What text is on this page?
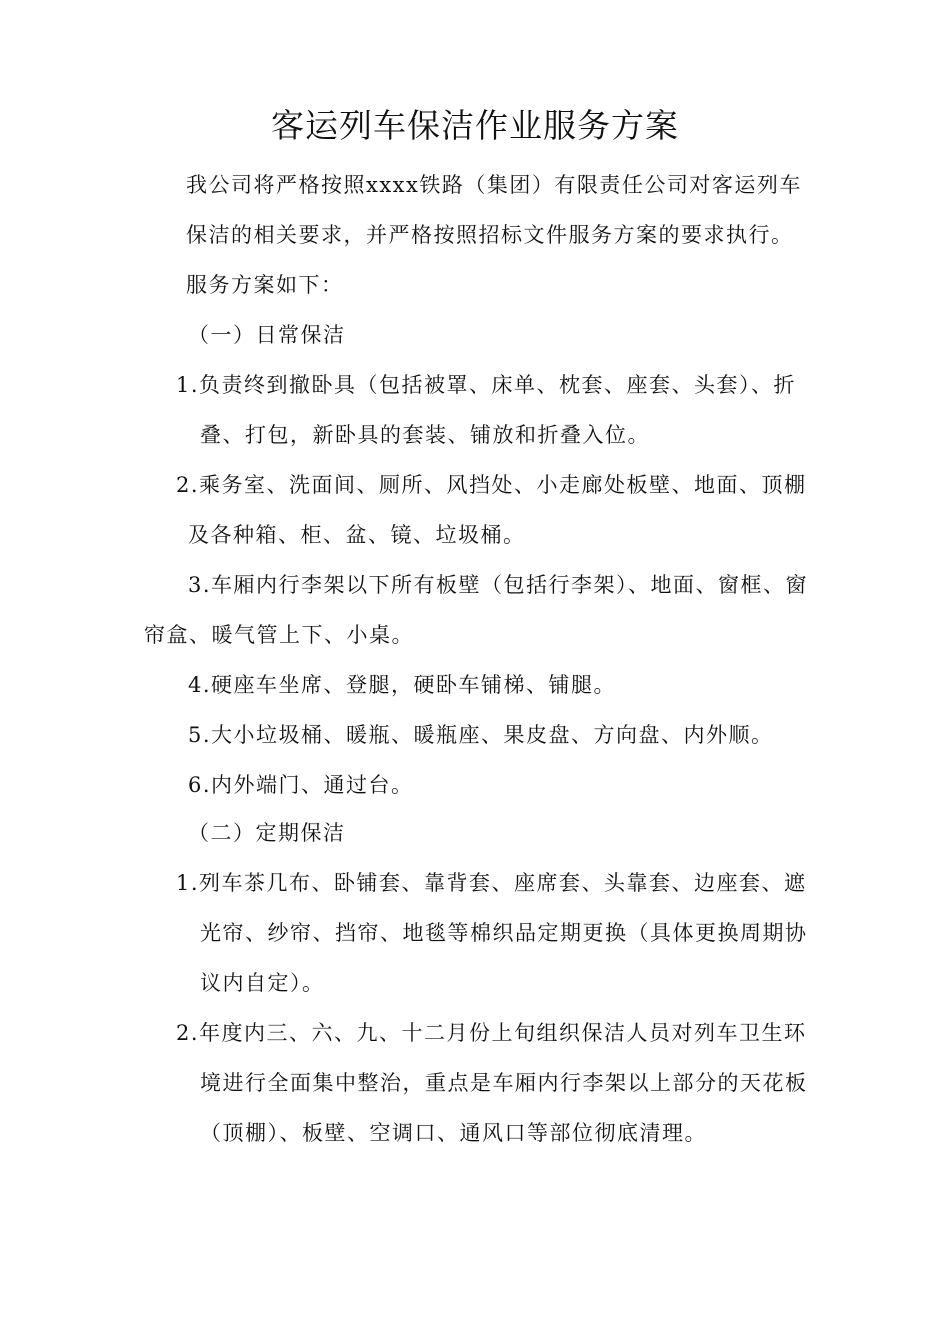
客运列车保洁作业服务方案
我公司将严格按照xxxx铁路（集团）有限责任公司对客运列车
保洁的相关要求，并严格按照招标文件服务方案的要求执行。
服务方案如下：
（一）日常保洁
1.负责终到撤卧具（包括被罩、床单、枕套、座套、头套）、折
叠、打包，新卧具的套装、铺放和折叠入位。
2.乘务室、洗面间、厕所、风挡处、小走廊处板壁、地面、顶棚
及各种箱、柜、盆、镜、垃圾桶。
3.车厢内行李架以下所有板壁（包括行李架）、地面、窗框、窗
帘盒、暖气管上下、小桌。
4.硬座车坐席、登腿，硬卧车铺梯、铺腿。
5.大小垃圾桶、暖瓶、暖瓶座、果皮盘、方向盘、内外顺。
6.内外端门、通过台。
（二）定期保洁
1.列车茶几布、卧铺套、靠背套、座席套、头靠套、边座套、遮
光帘、纱帘、挡帘、地毯等棉织品定期更换（具体更换周期协
议内自定）。
2.年度内三、六、九、十二月份上旬组织保洁人员对列车卫生环
境进行全面集中整治，重点是车厢内行李架以上部分的天花板
（顶棚）、板壁、空调口、通风口等部位彻底清理。
